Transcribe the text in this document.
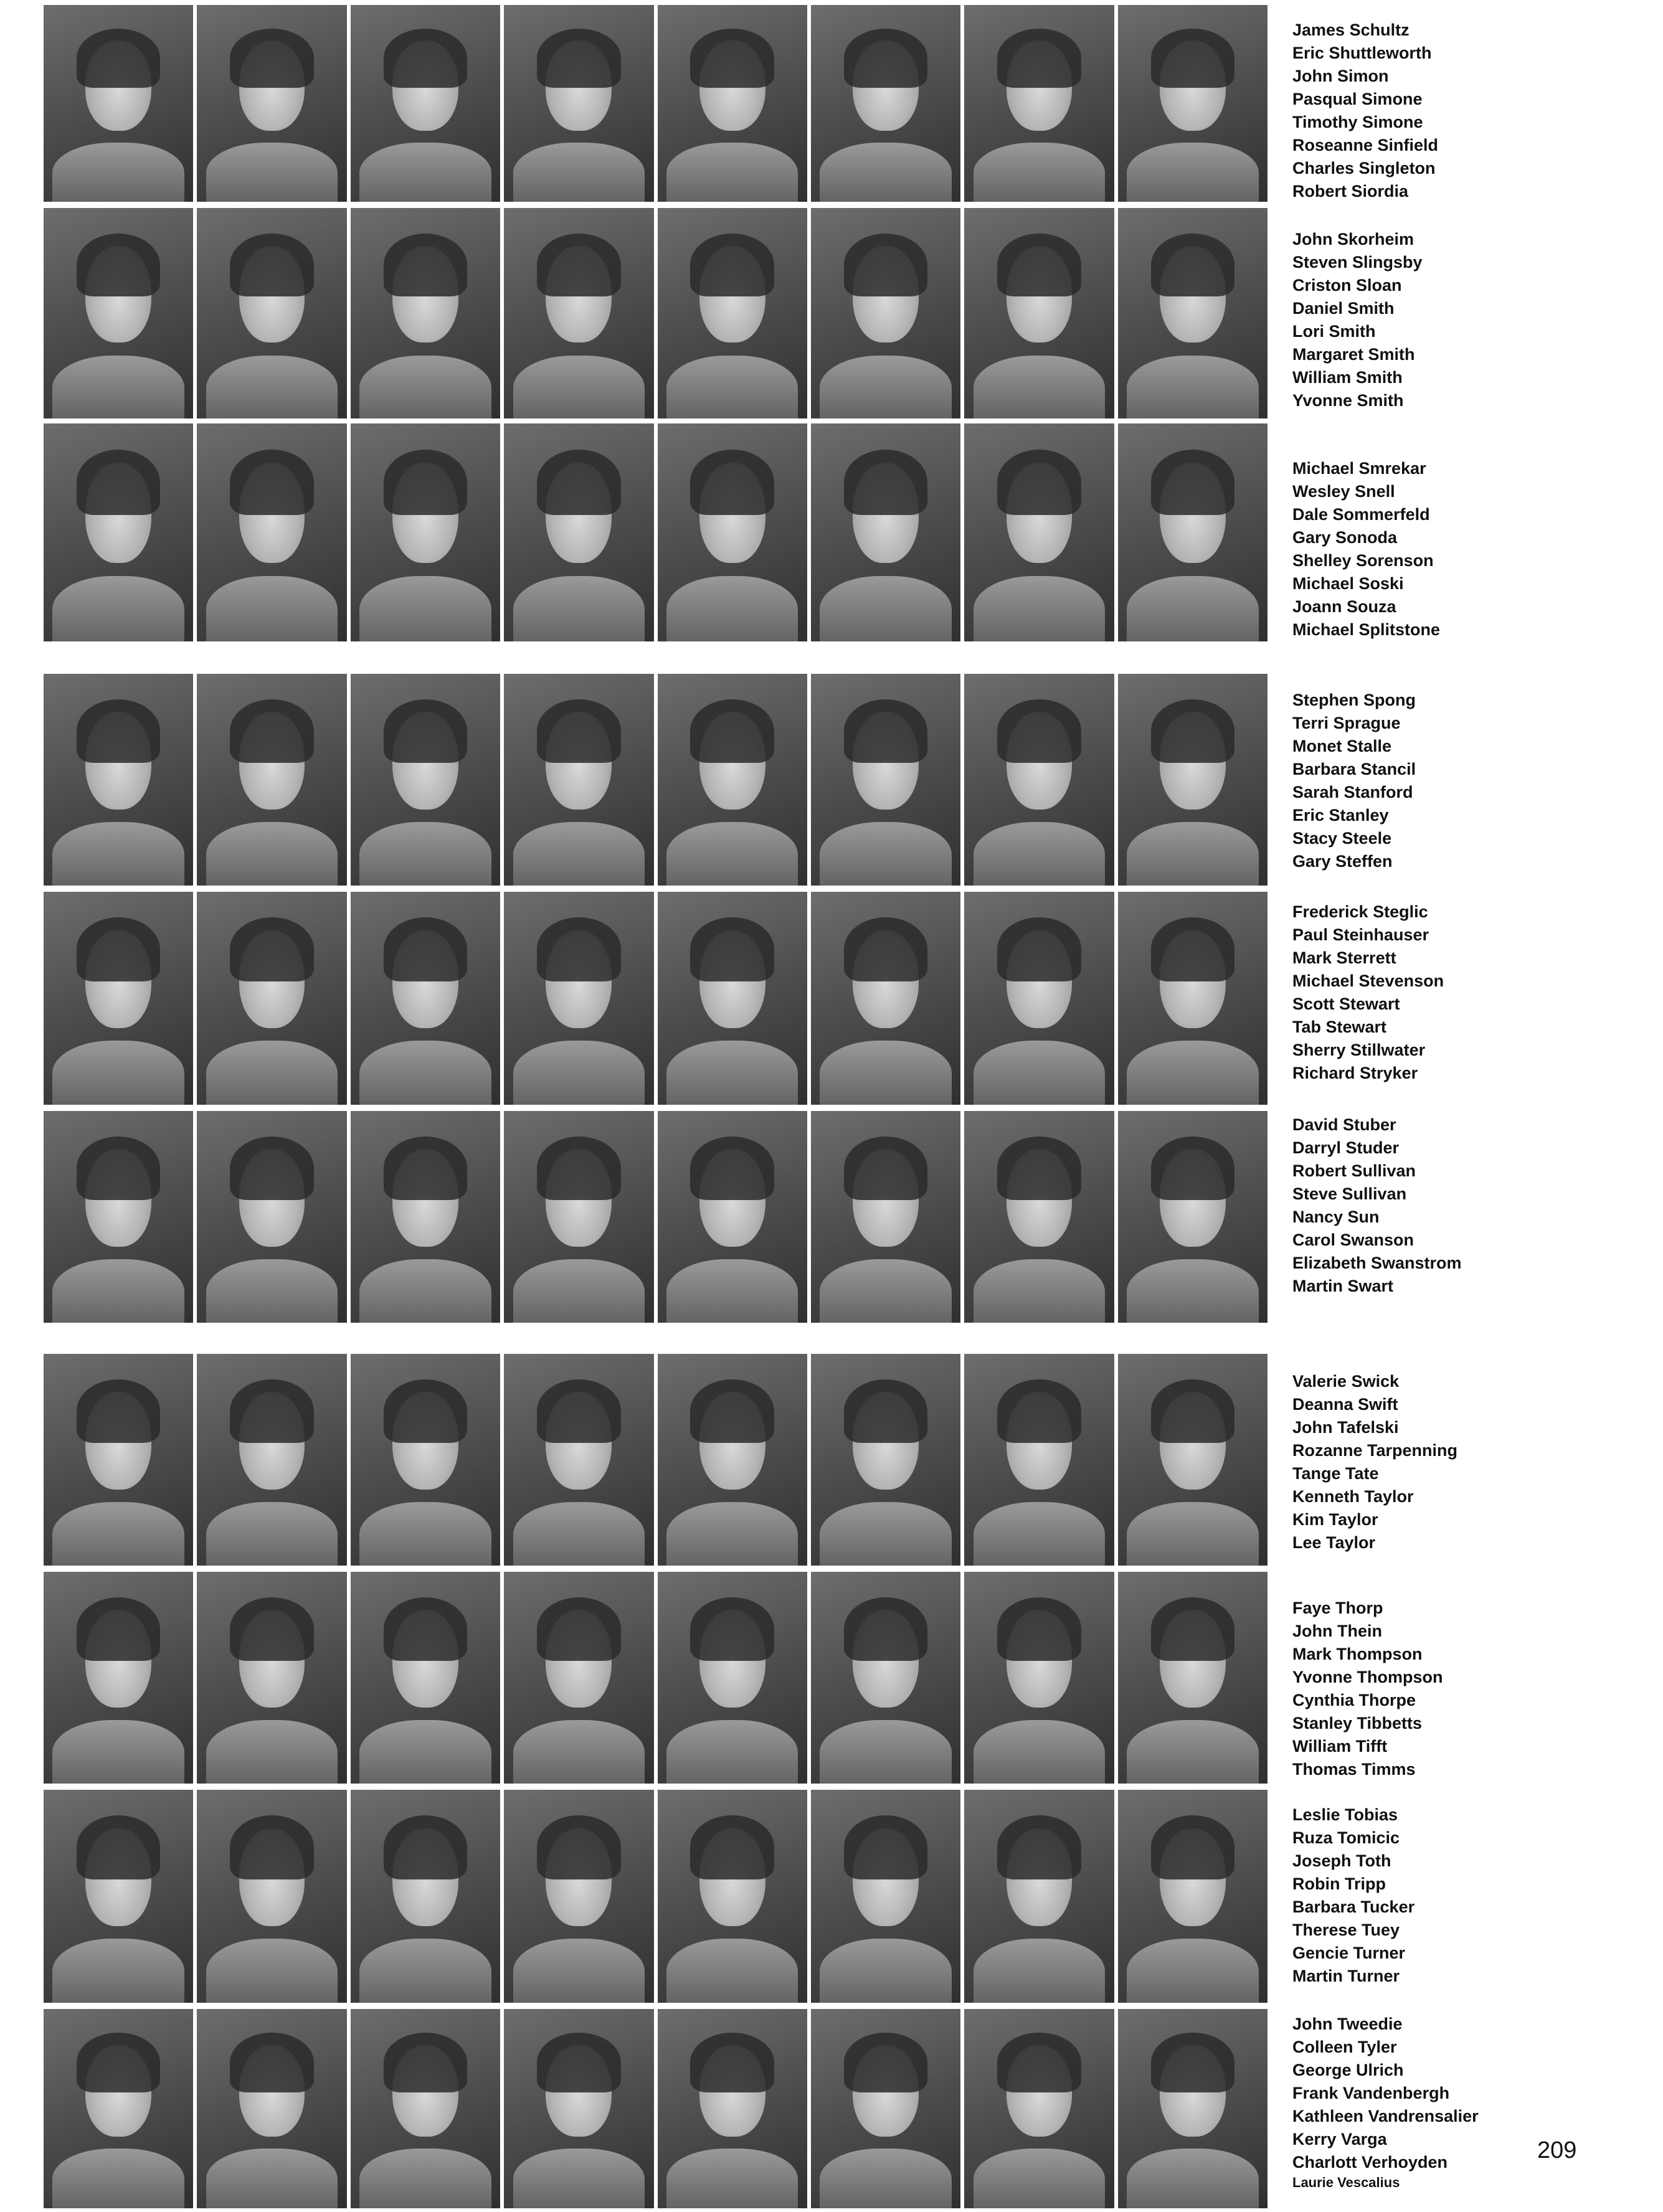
James Schultz
Eric Shuttleworth
John Simon
Pasqual Simone
Timothy Simone
Roseanne Sinfield
Charles Singleton
Robert Siordia
John Skorheim
Steven Slingsby
Criston Sloan
Daniel Smith
Lori Smith
Margaret Smith
William Smith
Yvonne Smith
Michael Smrekar
Wesley Snell
Dale Sommerfeld
Gary Sonoda
Shelley Sorenson
Michael Soski
Joann Souza
Michael Splitstone
Stephen Spong
Terri Sprague
Monet Stalle
Barbara Stancil
Sarah Stanford
Eric Stanley
Stacy Steele
Gary Steffen
Frederick Steglic
Paul Steinhauser
Mark Sterrett
Michael Stevenson
Scott Stewart
Tab Stewart
Sherry Stillwater
Richard Stryker
David Stuber
Darryl Studer
Robert Sullivan
Steve Sullivan
Nancy Sun
Carol Swanson
Elizabeth Swanstrom
Martin Swart
Valerie Swick
Deanna Swift
John Tafelski
Rozanne Tarpenning
Tange Tate
Kenneth Taylor
Kim Taylor
Lee Taylor
Faye Thorp
John Thein
Mark Thompson
Yvonne Thompson
Cynthia Thorpe
Stanley Tibbetts
William Tifft
Thomas Timms
Leslie Tobias
Ruza Tomicic
Joseph Toth
Robin Tripp
Barbara Tucker
Therese Tuey
Gencie Turner
Martin Turner
John Tweedie
Colleen Tyler
George Ulrich
Frank Vandenbergh
Kathleen Vandrensalier
Kerry Varga
Charlott Verhoyden
Laurie Vescalius
209
